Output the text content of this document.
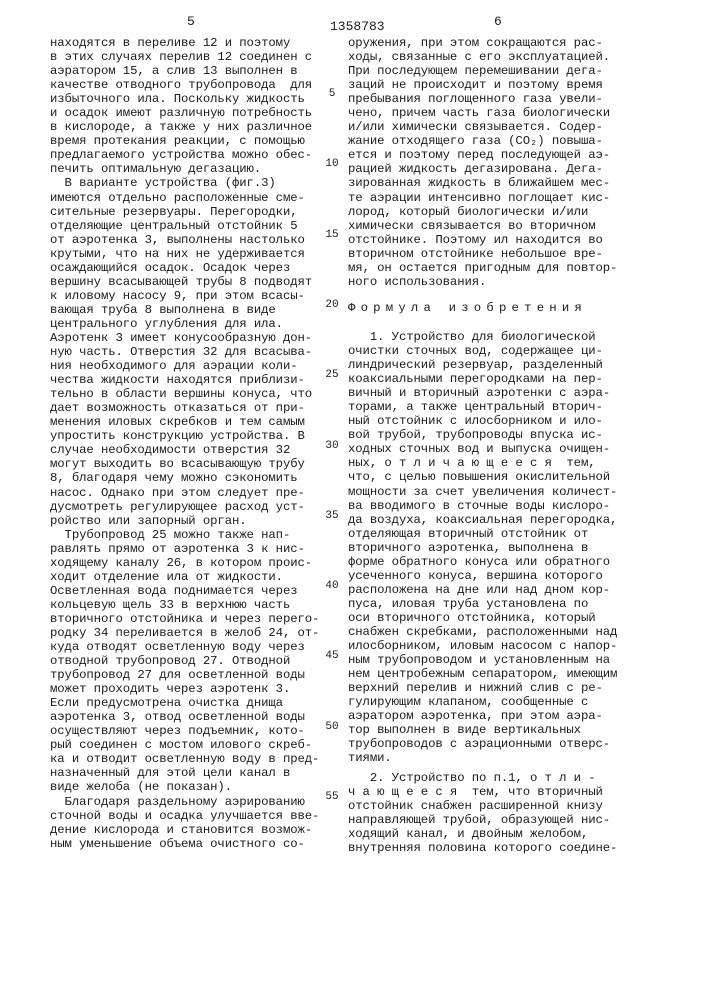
5	1358783	6
находятся в переливе 12 и поэтому
в этих случаях перелив 12 соединен с
аэратором 15, а слив 13 выполнен в
качестве отводного трубопровода  для
избыточного ила. Поскольку жидкость
и осадок имеют различную потребность
в кислороде, а также у них различное
время протекания реакции, с помощью
предлагаемого устройства можно обес-
печить оптимальную дегазацию.
В варианте устройства (фиг.3)
имеются отдельно расположенные сме-
сительные резервуары. Перегородки,
отделяющие центральный отстойник 5
от аэротенка 3, выполнены настолько
крутыми, что на них не удерживается
осаждающийся осадок. Осадок через
вершину всасывающей трубы 8 подводят
к иловому насосу 9, при этом всасы-
вающая труба 8 выполнена в виде
центрального углубления для ила.
Аэротенк 3 имеет конусообразную дон-
ную часть. Отверстия 32 для всасыва-
ния необходимого для аэрации коли-
чества жидкости находятся приблизи-
тельно в области вершины конуса, что
дает возможность отказаться от при-
менения иловых скребков и тем самым
упростить конструкцию устройства. В
случае необходимости отверстия 32
могут выходить во всасывающую трубу
8, благодаря чему можно сэкономить
насос. Однако при этом следует пре-
дусмотреть регулирующее расход уст-
ройство или запорный орган.
Трубопровод 25 можно также нап-
равлять прямо от аэротенка 3 к нис-
ходящему каналу 26, в котором проис-
ходит отделение ила от жидкости.
Осветленная вода поднимается через
кольцевую щель 33 в верхнюю часть
вторичного отстойника и через перего-
родку 34 переливается в желоб 24, от-
куда отводят осветленную воду через
отводной трубопровод 27. Отводной
трубопровод 27 для осветленной воды
может проходить через аэротенк 3.
Если предусмотрена очистка днища
аэротенка 3, отвод осветленной воды
осуществляют через подъемник, кото-
рый соединен с мостом илового скреб-
ка и отводит осветленную воду в пред-
назначенный для этой цели канал в
виде желоба (не показан).
Благодаря раздельному аэрированию
сточной воды и осадка улучшается вве-
дение кислорода и становится возмож-
ным уменьшение объема очистного со-
оружения, при этом сокращаются рас-
ходы, связанные с его эксплуатацией.
При последующем перемешивании дега-
заций не происходит и поэтому время
пребывания поглощенного газа увели-
чено, причем часть газа биологически
и/или химически связывается. Содер-
жание отходящего газа (CO₂) повыша-
ется и поэтому перед последующей аэ-
рацией жидкость дегазирована. Дега-
зированная жидкость в ближайшем мес-
те аэрации интенсивно поглощает кис-
лород, который биологически и/или
химически связывается во вторичном
отстойнике. Поэтому ил находится во
вторичном отстойнике небольшое вре-
мя, он остается пригодным для повтор-
ного использования.
Формула изобретения
1. Устройство для биологической
очистки сточных вод, содержащее ци-
линдрический резервуар, разделенный
коаксиальными перегородками на пер-
вичный и вторичный аэротенки с аэра-
торами, а также центральный вторич-
ный отстойник с илосборником и ило-
вой трубой, трубопроводы впуска ис-
ходных сточных вод и выпуска очищен-
ных, о т л и ч а ю щ е е с я  тем,
что, с целью повышения окислительной
мощности за счет увеличения количест-
ва вводимого в сточные воды кислоро-
да воздуха, коаксиальная перегородка,
отделяющая вторичный отстойник от
вторичного аэротенка, выполнена в
форме обратного конуса или обратного
усеченного конуса, вершина которого
расположена на дне или над дном кор-
пуса, иловая труба установлена по
оси вторичного отстойника, который
снабжен скребками, расположенными над
илосборником, иловым насосом с напор-
ным трубопроводом и установленным на
нем центробежным сепаратором, имеющим
верхний перелив и нижний слив с ре-
гулирующим клапаном, сообщенные с
аэратором аэротенка, при этом аэра-
тор выполнен в виде вертикальных
трубопроводов с аэрационными отверс-
тиями.
2. Устройство по п.1, о т л и -
ч а ю щ е е с я  тем, что вторичный
отстойник снабжен расширенной книзу
направляющей трубой, образующей нис-
ходящий канал, и двойным желобом,
внутренняя половина которого соедине-
5
10
15
20
25
30
35
40
45
50
55
